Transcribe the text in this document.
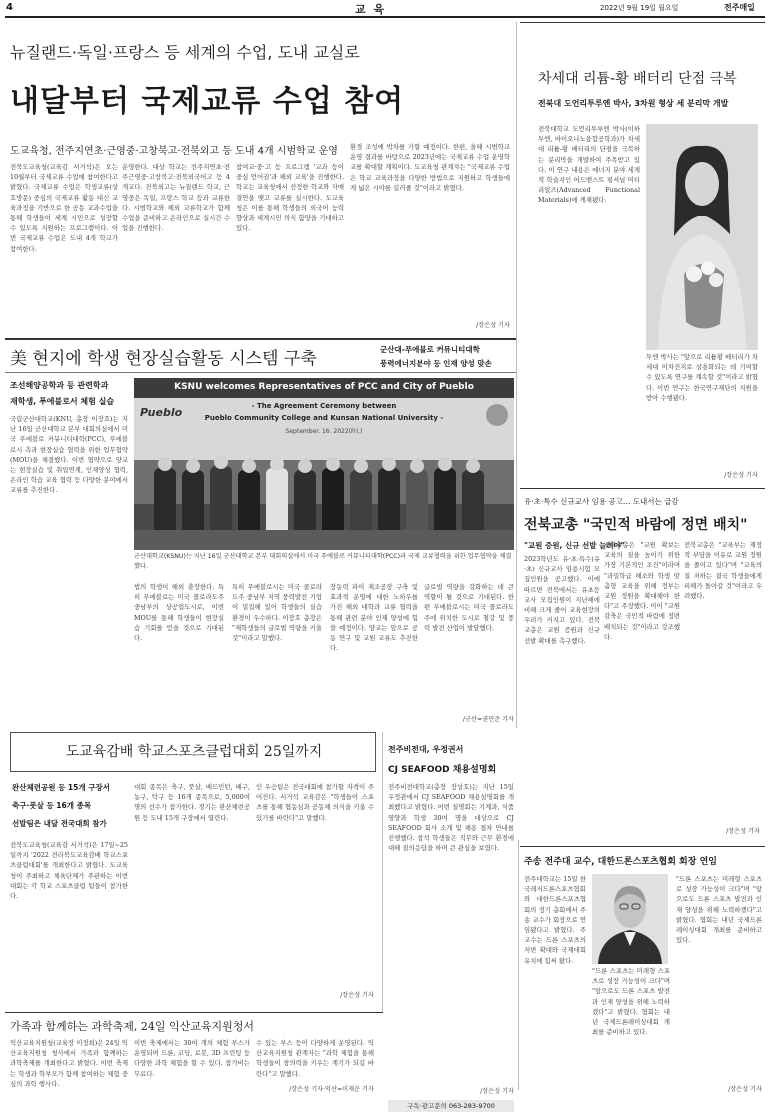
4	교 육	2022년 9월 19일 월요일	전주매일
뉴질랜드·독일·프랑스 등 세계의 수업, 도내 교실로
내달부터 국제교류 수업 참여
도교육청, 전주지연초·근영중·고창북고·전북외고 등 도내 4개 시범학교 운영
전북도교육청(교육감 서거석)은 오는 10월부터 국제교류 수업에 참여한다고 밝혔다. 국제교류 수업은 학생교류(상호방문) 중심의 국제교류 활동 대신 교육과정을 기반으로 한 공동 교과수업을 통해 학생들이 세계 시민으로 성장할 수 있도록 지원하는 프로그램이다. 이번 국제교류 수업은 도내 4개 학교가 참여한다.
운영한다. 대상 학교는 전주지연초·전주근영중·고창북고·전북외국어고 등 4개교다. 전북외고는 뉴질랜드 학교, 근영중은 독일, 프랑스 학교 등과 교류한다. 시범학교와 해외 교류학교가 함께 수업을 준비하고 온라인으로 실시간 수업을 진행한다.
참여교·중·고 등 프로그램 '교과 등이 중심 언어권'과 해외 교육'을 진행한다. 학교는 교육청에서 선정한 학교와 자매결연을 맺고 교류를 실시한다. 도교육청은 이를 통해 학생들의 외국어 능력 향상과 세계시민 의식 함양을 기대하고 있다.
환경 조성에 박차를 가할 예정이다. 한편, 올해 시범학교 운영 결과를 바탕으로 2023년에는 국제교류 수업 운영학교를 확대할 계획이다. 도교육청 관계자는 "국제교류 수업은 학교 교육과정을 다양한 방법으로 지원하고 학생들에게 넓은 시야를 길러줄 것"이라고 밝혔다.
/장은성 기자
차세대 리튬-황 배터리 단점 극복
전북대 도언리투루엔 박사, 3차원 형상 세 분리막 개발
전북대학교 도언리투루엔 박사(이하 투엔, 바이오나노융합공학과)가 차세대 리튬-황 배터리의 단점을 극복하는 분리막을 개발하여 주목받고 있다. 이 연구 내용은 에너지 분야 세계적 학술지인 어드밴스트 펑셔널 머티리얼즈(Advanced Functional Materials)에 게재됐다.
투엔 박사는 "앞으로 리튬황 배터리가 차세대 이차전지로 상용화되는 데 기여할 수 있도록 연구를 계속할 것"이라고 밝혔다. 이번 연구는 한국연구재단의 지원을 받아 수행됐다.
/장은성 기자
美 현지에 학생 현장실습활동 시스템 구축	군산대-푸에블로 커뮤니티대학
풍력에너지분야 등 인재 양성 맞손
조선해양공학과 등 관련학과
재학생, 푸에블로서 체험 실습
국립군산대학교(KNU, 총장 이장호)는 지난 16일 군산대학교 본부 대회의실에서 미국 푸에블로 커뮤니티대학(PCC), 푸에블로시 측과 현장실습 협력을 위한 업무협약(MOU)을 체결했다. 이번 협약으로 양교는 현장실습 및 취업연계, 인재양성 협력, 온라인 학습 교육 협력 등 다양한 분야에서 교류를 추진한다.
KSNU welcomes Representatives of PCC and City of Pueblo
Pueblo	- The Agreement Ceremony between
Pueblo Community College and Kunsan National University -
September. 16. 2022(Fri.)
군산대학교(KSNU)는 지난 16일 군산대학교 본부 대회의실에서 미국 푸에블로 커뮤니티대학(PCC)과 국제 교류협력을 위한 업무협약을 체결했다.
법의 학생이 해외 출장한다. 특히 푸에블로는 미국 콜로라도주 중남부의 상공업도시로, 이번 MOU를 통해 학생들이 현장실습 기회를 얻을 것으로 기대된다.
특히 푸에블로시는 미국 콜로라도주 중남부 지역 풍력발전 기업이 밀집해 있어 학생들의 실습 환경이 우수하다. 이장호 총장은 "재학생들의 글로벌 역량을 키울 것"이라고 말했다.
장동력 파이 제조공장 구축 및 효과적 운영에 대한 노하우를 가진 해외 대학과 교류 협력을 통해 관련 분야 인재 양성에 힘쓸 예정이다. 양교는 앞으로 공동 연구 및 교원 교류도 추진한다.
글로벌 역량을 강화하는 데 큰 역할이 될 것으로 기대된다. 한편 푸에블로시는 미국 콜로라도주에 위치한 도시로 철강 및 풍력 발전 산업이 발달했다.
/군산=권민준 기자
유·초·특수 신규교사 임용 공고… 도내서는 급감
전북교총 "국민적 바람에 정면 배치"
"교원 증원, 신규 선발 늘려야"
2023학년도 유·초·특수(유·초) 신규교사 임용시험 모집인원을 공고했다. 이에 따르면 전북에서는 유초등 교사 모집인원이 지난해에 비해 크게 줄어 교육현장의 우려가 커지고 있다. 전북교총은 교원 증원과 신규 선발 확대를 촉구했다.
전북교총은 "교원 확보는 교육의 질을 높이기 위한 가장 기본적인 조건"이라며 "과밀학급 해소와 학생 맞춤형 교육을 위해 정부는 교원 정원을 확대해야 한다"고 주장했다. 이어 "교원 감축은 국민적 바람에 정면 배치되는 것"이라고 강조했다.
전북교총은 "교육부는 재정적 부담을 이유로 교원 정원을 줄이고 있다"며 "교육의 질 저하는 결국 학생들에게 피해가 돌아갈 것"이라고 우려했다.
/장은성 기자
도교육감배 학교스포츠클럽대회 25일까지
완산체련공원 등 15개 구장서
축구·풋살 등 16개 종목
선발팀은 내달 전국대회 참가
전북도교육청(교육감 서거석)은 17일~25일까지 '2022 전라북도교육감배 학교스포츠클럽대회'를 개최한다고 밝혔다. 도교육청이 주최하고 체육단체가 주관하는 이번 대회는 각 학교 스포츠클럽 팀들이 참가한다.
대회 종목은 축구, 풋살, 배드민턴, 배구, 농구, 탁구 등 16개 종목으로, 5,000여 명의 선수가 참가한다. 경기는 완산체련공원 등 도내 15개 구장에서 열린다.
인 우승팀은 전국대회에 참가할 자격이 주어진다. 서거석 교육감은 "학생들이 스포츠를 통해 협동심과 공동체 의식을 키울 수 있기를 바란다"고 말했다.
/장은성 기자
전주비전대, 우정권서
CJ SEAFOOD 채용설명회
전주비전대학교(총장 장상호)는 지난 15일 우정관에서 CJ SEAFOOD 채용설명회를 개최했다고 밝혔다. 이번 설명회는 기계과, 식품영양과 학생 30여 명을 대상으로 CJ SEAFOOD 회사 소개 및 채용 절차 안내를 진행했다. 참석 학생들은 직무와 근무 환경에 대해 질의응답을 하며 큰 관심을 보였다.
/장은성 기자
구독·광고문의 063-283-9700
가족과 함께하는 과학축제, 24일 익산교육지원청서
익산교육지원청(교육장 이정희)은 24일 익산교육지원청 청사에서 가족과 함께하는 과학축제를 개최한다고 밝혔다. 이번 축제는 학생과 학부모가 함께 참여하는 체험 중심의 과학 행사다.
이번 축제에서는 30여 개의 체험 부스가 운영되며 드론, 코딩, 로봇, 3D 프린팅 등 다양한 과학 체험을 할 수 있다. 참가비는 무료다.
수 있는 부스 등이 다양하게 운영된다. 익산교육지원청 관계자는 "과학 체험을 통해 학생들이 창의력을 키우는 계기가 되길 바란다"고 말했다.
/장은성 기자·익산=이재운 기자
주송 전주대 교수, 대한드론스포츠협회 회장 연임
전주대학교는 15일 한국레저드론스포츠협회와 대한드론스포츠협회의 정기 총회에서 주송 교수가 회장으로 연임됐다고 밝혔다. 주 교수는 드론 스포츠의 저변 확대와 국제대회 유치에 힘써 왔다.
"드론 스포츠는 미래형 스포츠로 성장 가능성이 크다"며 "앞으로도 드론 스포츠 발전과 인재 양성을 위해 노력하겠다"고 밝혔다. 협회는 내년 국제드론레이싱대회 개최를 준비하고 있다.
"드론 스포츠는 미래형 스포츠로 성장 가능성이 크다"며 "앞으로도 드론 스포츠 발전과 인재 양성을 위해 노력하겠다"고 밝혔다. 협회는 내년 국제드론레이싱대회 개최를 준비하고 있다.
/장은성 기자
